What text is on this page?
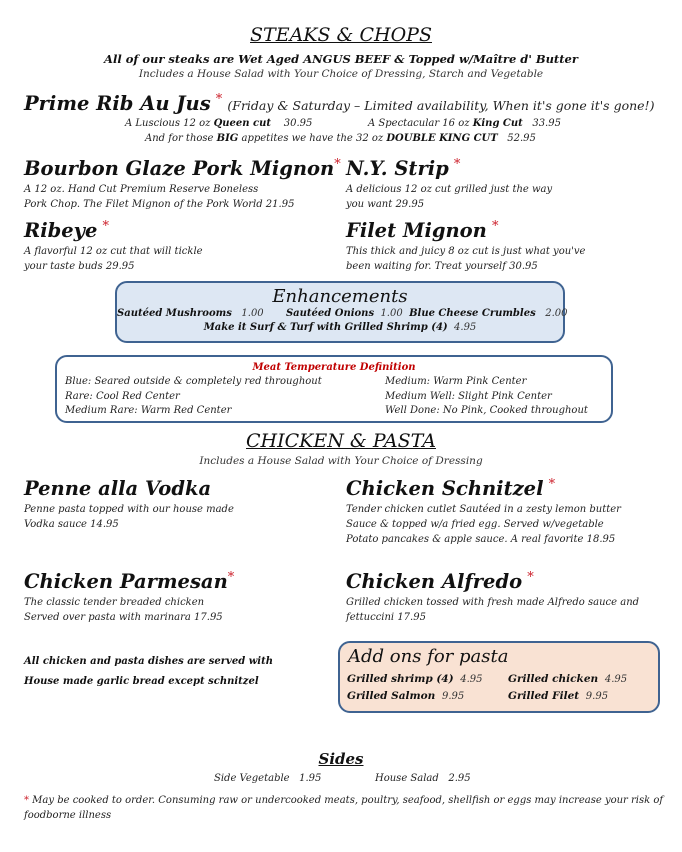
STEAKS & CHOPS
All of our steaks are Wet Aged ANGUS BEEF & Topped w/Maître d' Butter
Includes a House Salad with Your Choice of Dressing, Starch and Vegetable
Prime Rib Au Jus * (Friday & Saturday – Limited availability, When it's gone it's gone!)
A Luscious 12 oz Queen cut 30.95	A Spectacular 16 oz King Cut 33.95
And for those BIG appetites we have the 32 oz DOUBLE KING CUT 52.95
Bourbon Glaze Pork Mignon*
A 12 oz. Hand Cut Premium Reserve Boneless
Pork Chop. The Filet Mignon of the Pork World 21.95
N.Y. Strip *
A delicious 12 oz cut grilled just the way
you want 29.95
Ribeye *
A flavorful 12 oz cut that will tickle
your taste buds 29.95
Filet Mignon *
This thick and juicy 8 oz cut is just what you've
been waiting for. Treat yourself 30.95
Enhancements
Sautéed Mushrooms 1.00 Sautéed Onions 1.00 Blue Cheese Crumbles 2.00
Make it Surf & Turf with Grilled Shrimp (4) 4.95
Meat Temperature Definition
Blue: Seared outside & completely red throughout
Rare: Cool Red Center
Medium Rare: Warm Red Center
Medium: Warm Pink Center
Medium Well: Slight Pink Center
Well Done: No Pink, Cooked throughout
CHICKEN & PASTA
Includes a House Salad with Your Choice of Dressing
Penne alla Vodka
Penne pasta topped with our house made
Vodka sauce 14.95
Chicken Schnitzel *
Tender chicken cutlet Sautéed in a zesty lemon butter
Sauce & topped w/a fried egg. Served w/vegetable
Potato pancakes & apple sauce. A real favorite 18.95
Chicken Parmesan*
The classic tender breaded chicken
Served over pasta with marinara 17.95
Chicken Alfredo *
Grilled chicken tossed with fresh made Alfredo sauce and
fettuccini 17.95
All chicken and pasta dishes are served with
House made garlic bread except schnitzel
Add ons for pasta
Grilled shrimp (4) 4.95
Grilled Salmon 9.95
Grilled chicken 4.95
Grilled Filet 9.95
Sides
Side Vegetable 1.95	House Salad 2.95
* May be cooked to order. Consuming raw or undercooked meats, poultry, seafood, shellfish or eggs may increase your risk of foodborne illness
